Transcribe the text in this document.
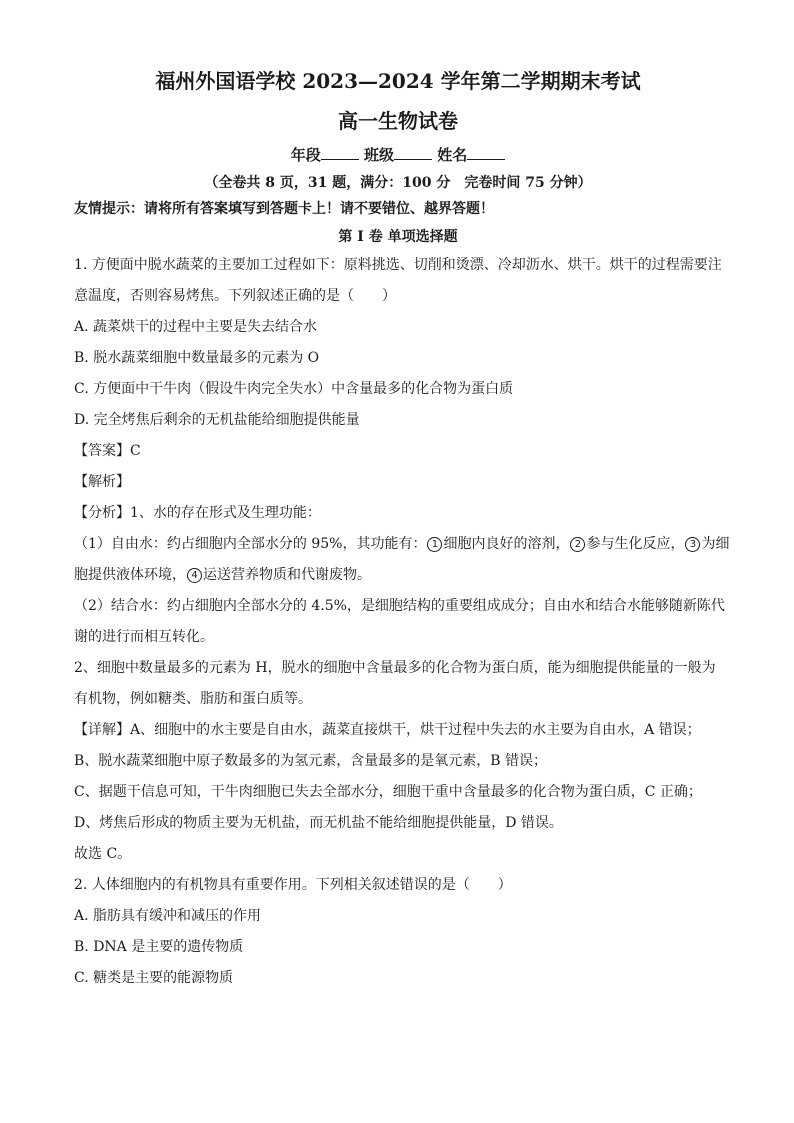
福州外国语学校 2023—2024 学年第二学期期末考试
高一生物试卷
年段	班级	姓名
（全卷共 8 页，31 题，满分：100 分　完卷时间 75 分钟）
友情提示：请将所有答案填写到答题卡上！请不要错位、越界答题！
第 I 卷 单项选择题

1. 方便面中脱水蔬菜的主要加工过程如下：原料挑选、切削和烫漂、冷却沥水、烘干。烘干的过程需要注

意温度，否则容易烤焦。下列叙述正确的是（　　）

A. 蔬菜烘干的过程中主要是失去结合水

B. 脱水蔬菜细胞中数量最多的元素为 O

C. 方便面中干牛肉（假设牛肉完全失水）中含量最多的化合物为蛋白质

D. 完全烤焦后剩余的无机盐能给细胞提供能量

【答案】C

【解析】

【分析】1、水的存在形式及生理功能：

（1）自由水：约占细胞内全部水分的 95%，其功能有： 1 细胞内良好的溶剂， 2 参与生化反应， 3 为细

胞提供液体环境， 4 运送营养物质和代谢废物。

（2）结合水：约占细胞内全部水分的 4.5%，是细胞结构的重要组成成分；自由水和结合水能够随新陈代

谢的进行而相互转化。

2、细胞中数量最多的元素为 H，脱水的细胞中含量最多的化合物为蛋白质，能为细胞提供能量的一般为

有机物，例如糖类、脂肪和蛋白质等。

【详解】A、细胞中的水主要是自由水，蔬菜直接烘干，烘干过程中失去的水主要为自由水，A 错误；

B、脱水蔬菜细胞中原子数最多的为氢元素，含量最多的是氧元素，B 错误；

C、据题干信息可知，干牛肉细胞已失去全部水分，细胞干重中含量最多的化合物为蛋白质，C 正确；

D、烤焦后形成的物质主要为无机盐，而无机盐不能给细胞提供能量，D 错误。

故选 C。

2. 人体细胞内的有机物具有重要作用。下列相关叙述错误的是（　　）

A. 脂肪具有缓冲和减压的作用

B. DNA 是主要的遗传物质

C. 糖类是主要的能源物质
